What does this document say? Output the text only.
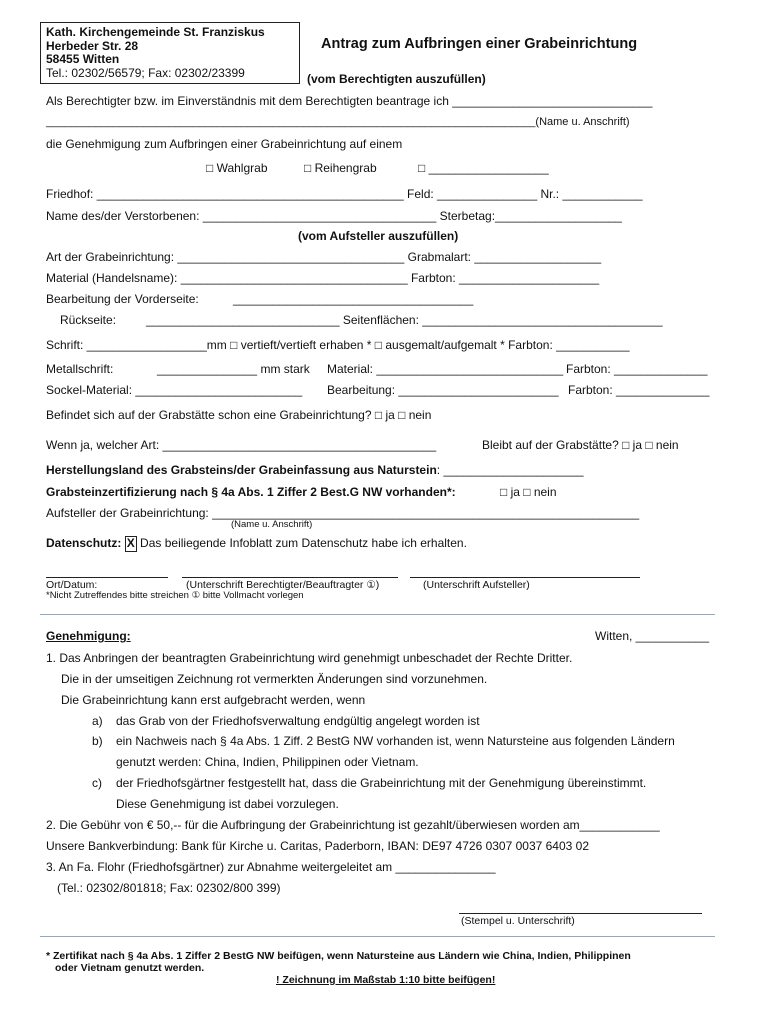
Kath. Kirchengemeinde St. Franziskus
Herbeder Str. 28
58455 Witten
Tel.: 02302/56579; Fax: 02302/23399
Antrag zum Aufbringen einer Grabeinrichtung
(vom Berechtigten auszufüllen)
Als Berechtigter bzw. im Einverständnis mit dem Berechtigten beantrage ich ______________________________
________________________________________________________________________________(Name u. Anschrift)
die Genehmigung zum Aufbringen einer Grabeinrichtung auf einem
□ Wahlgrab	□ Reihengrab	□ __________________
Friedhof: ______________________________________________ Feld: _______________ Nr.: ____________
Name des/der Verstorbenen: ___________________________________ Sterbetag:___________________
(vom Aufsteller auszufüllen)
Art der Grabeinrichtung: __________________________________ Grabmalart: ___________________
Material (Handelsname): __________________________________ Farbton: _____________________
Bearbeitung der Vorderseite:	____________________________________
Rückseite: _____________________________ Seitenflächen: ____________________________________
Schrift: __________________mm □ vertieft/vertieft erhaben * □ ausgemalt/aufgemalt * Farbton: ___________
Metallschrift:	_______________ mm stark Material: ____________________________ Farbton: ______________
Sockel-Material: _________________________ Bearbeitung: ________________________ Farbton: ______________
Befindet sich auf der Grabstätte schon eine Grabeinrichtung? □ ja □ nein
Wenn ja, welcher Art: _________________________________________	Bleibt auf der Grabstätte? □ ja □ nein
Herstellungsland des Grabsteins/der Grabeinfassung aus Naturstein: _____________________
Grabsteinzertifizierung nach § 4a Abs. 1 Ziffer 2 Best.G NW vorhanden*:	□ ja □ nein
Aufsteller der Grabeinrichtung: ________________________________________________________________
(Name u. Anschrift)
Datenschutz: X Das beiliegende Infoblatt zum Datenschutz habe ich erhalten.
Ort/Datum:	(Unterschrift Berechtigter/Beauftragter ①)	(Unterschrift Aufsteller)
*Nicht Zutreffendes bitte streichen ① bitte Vollmacht vorlegen
Genehmigung:	Witten, ___________
1. Das Anbringen der beantragten Grabeinrichtung wird genehmigt unbeschadet der Rechte Dritter.
Die in der umseitigen Zeichnung rot vermerkten Änderungen sind vorzunehmen.
Die Grabeinrichtung kann erst aufgebracht werden, wenn
a) das Grab von der Friedhofsverwaltung endgültig angelegt worden ist
b) ein Nachweis nach § 4a Abs. 1 Ziff. 2 BestG NW vorhanden ist, wenn Natursteine aus folgenden Ländern
genutzt werden: China, Indien, Philippinen oder Vietnam.
c) der Friedhofsgärtner festgestellt hat, dass die Grabeinrichtung mit der Genehmigung übereinstimmt.
Diese Genehmigung ist dabei vorzulegen.
2. Die Gebühr von € 50,-- für die Aufbringung der Grabeinrichtung ist gezahlt/überwiesen worden am____________
Unsere Bankverbindung: Bank für Kirche u. Caritas, Paderborn, IBAN: DE97 4726 0307 0037 6403 02
3. An Fa. Flohr (Friedhofsgärtner) zur Abnahme weitergeleitet am _______________
(Tel.: 02302/801818; Fax: 02302/800 399)
(Stempel u. Unterschrift)
* Zertifikat nach § 4a Abs. 1 Ziffer 2 BestG NW beifügen, wenn Natursteine aus Ländern wie China, Indien, Philippinen
oder Vietnam genutzt werden.
! Zeichnung im Maßstab 1:10 bitte beifügen!
